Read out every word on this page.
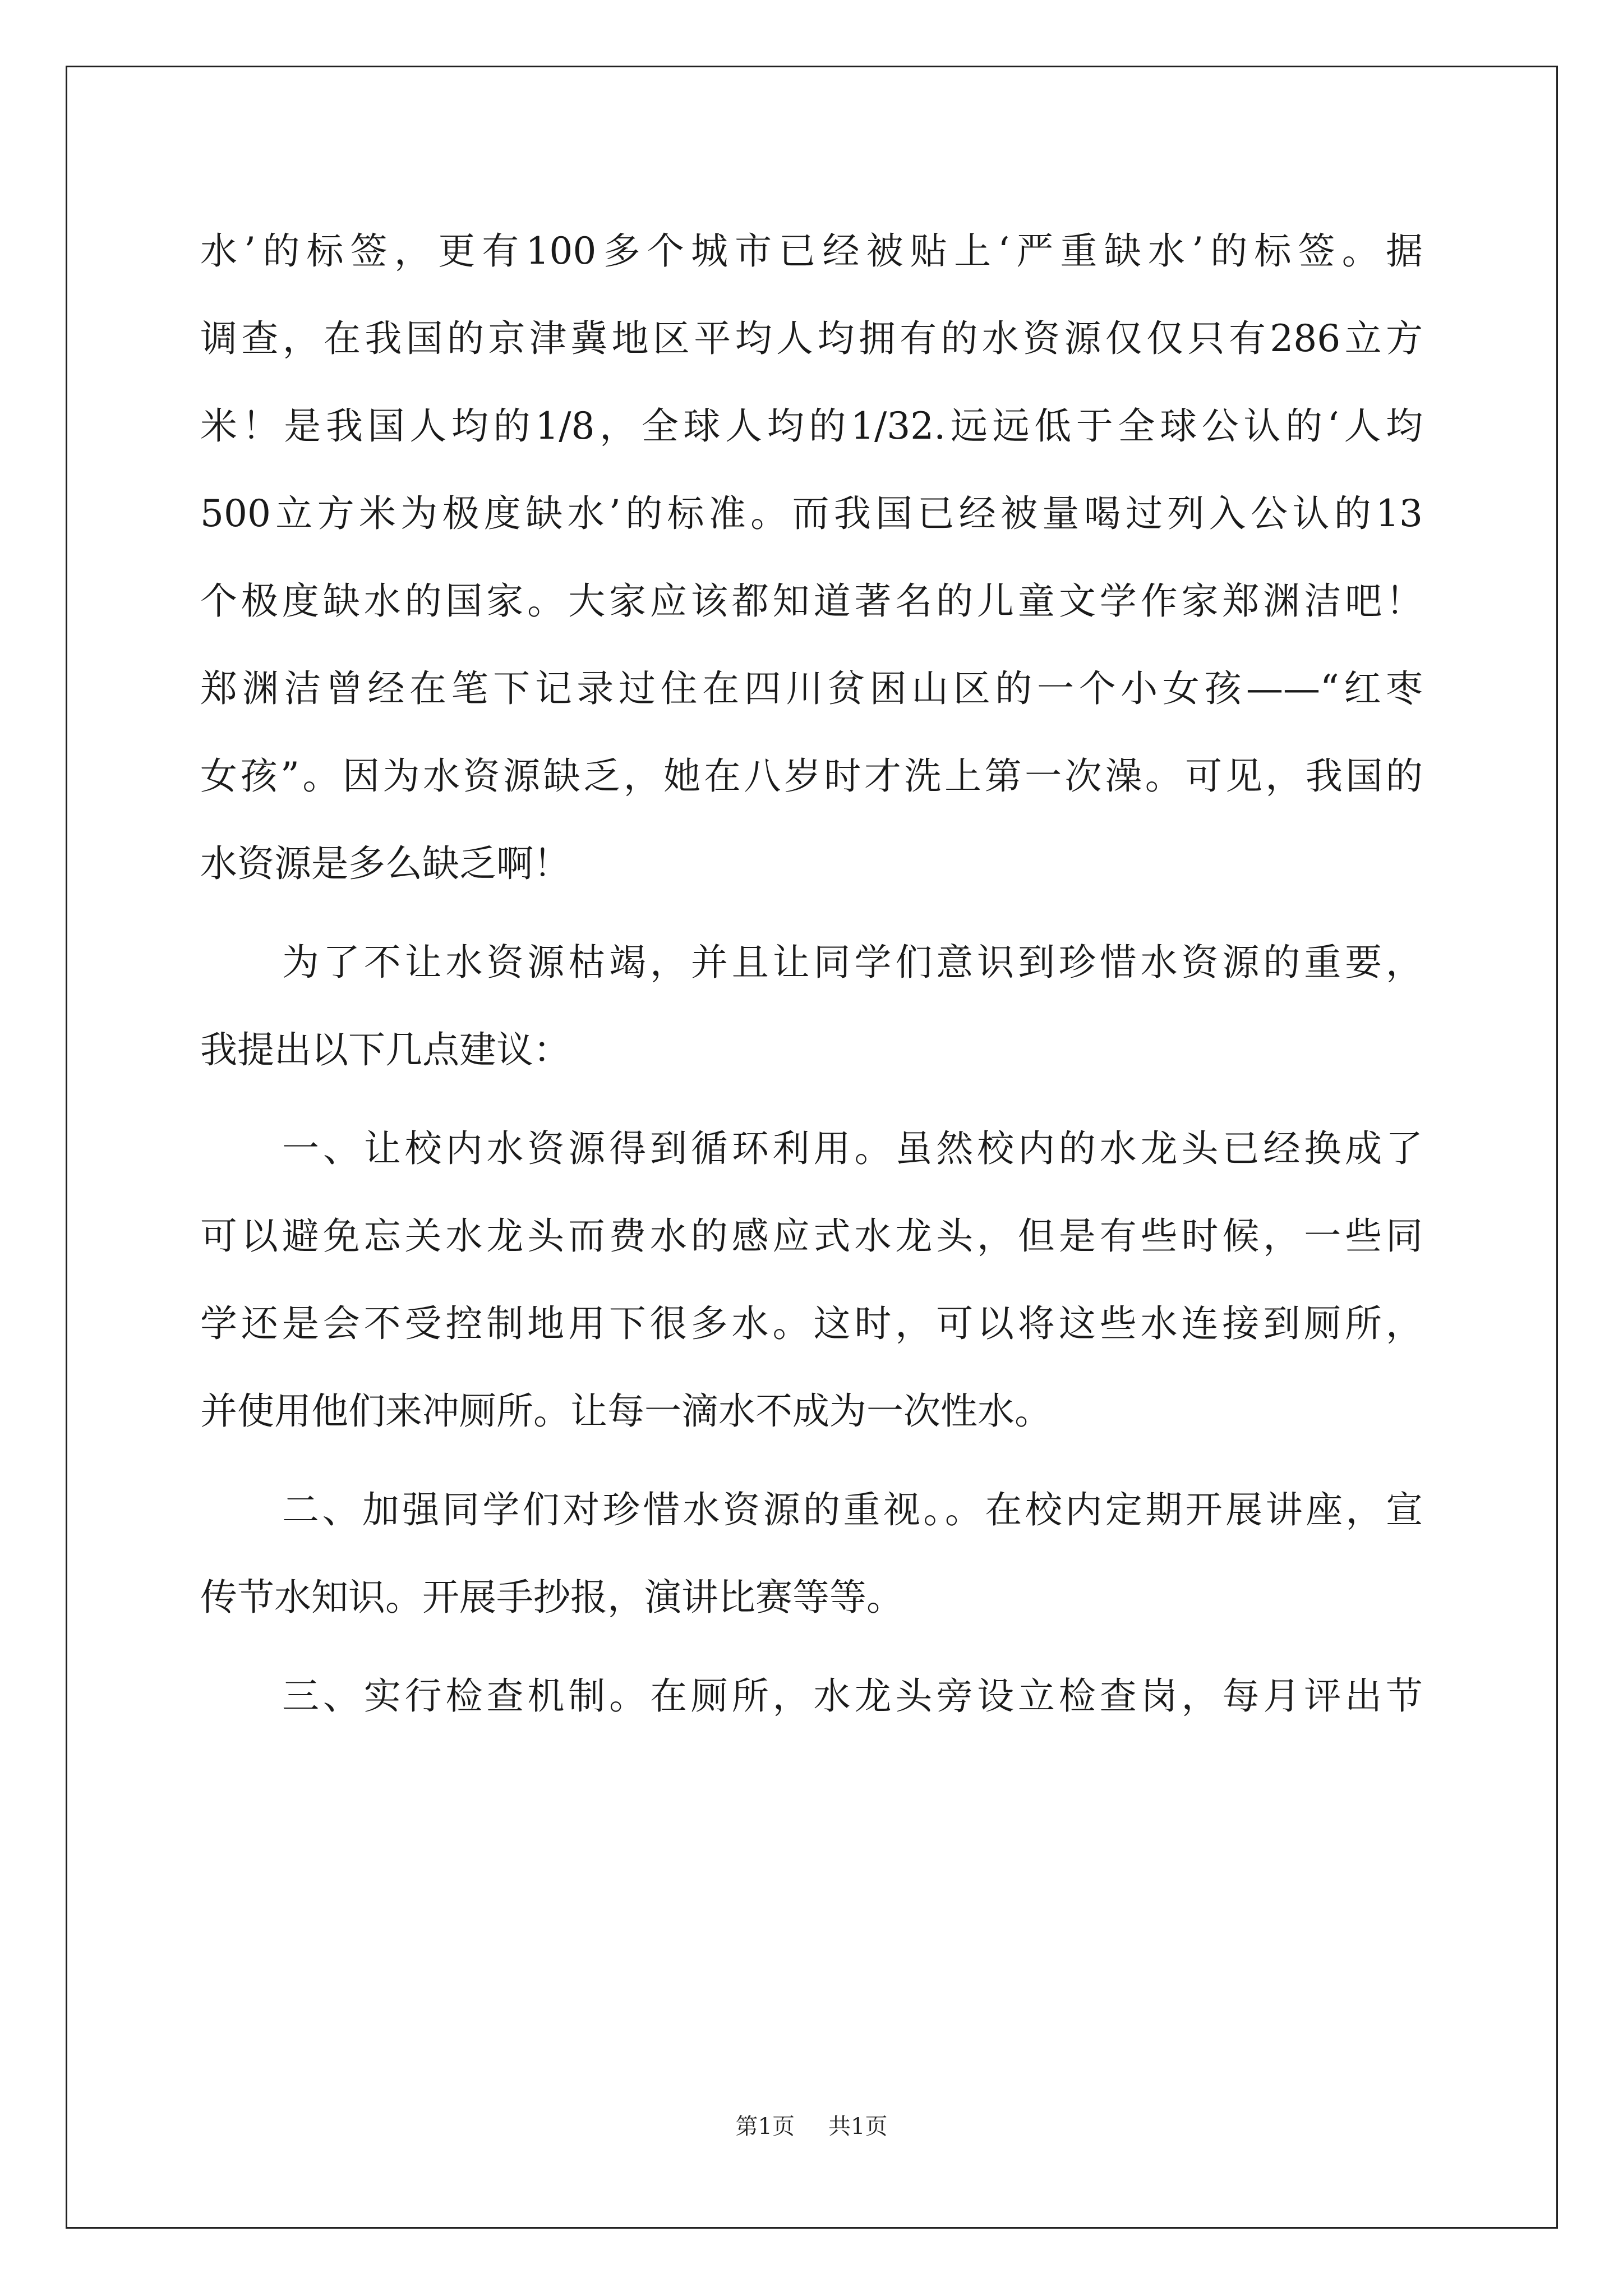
水’的标签，更有100多个城市已经被贴上‘严重缺水’的标签。据
调查，在我国的京津冀地区平均人均拥有的水资源仅仅只有286立方
米！是我国人均的1/8，全球人均的1/32.远远低于全球公认的‘人均
500立方米为极度缺水’的标准。而我国已经被量喝过列入公认的13
个极度缺水的国家。大家应该都知道著名的儿童文学作家郑渊洁吧！
郑渊洁曾经在笔下记录过住在四川贫困山区的一个小女孩——“红枣
女孩”。因为水资源缺乏，她在八岁时才洗上第一次澡。可见，我国的
水资源是多么缺乏啊！
为了不让水资源枯竭，并且让同学们意识到珍惜水资源的重要，
我提出以下几点建议：
一、让校内水资源得到循环利用。虽然校内的水龙头已经换成了
可以避免忘关水龙头而费水的感应式水龙头，但是有些时候，一些同
学还是会不受控制地用下很多水。这时，可以将这些水连接到厕所，
并使用他们来冲厕所。让每一滴水不成为一次性水。
二、加强同学们对珍惜水资源的重视。。在校内定期开展讲座，宣
传节水知识。开展手抄报，演讲比赛等等。
三、实行检查机制。在厕所，水龙头旁设立检查岗，每月评出节
第1页 共1页
